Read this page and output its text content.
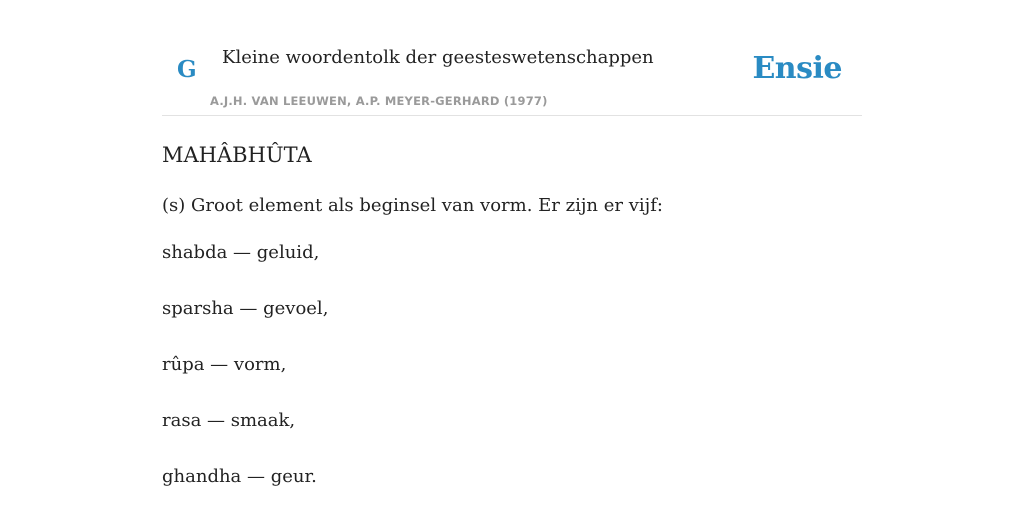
G Kleine woordentolk der geesteswetenschappen
A.J.H. VAN LEEUWEN, A.P. MEYER-GERHARD (1977)
Ensie
MAHÂBHÛTA

(s) Groot element als beginsel van vorm. Er zijn er vijf:

shabda — geluid,
sparsha — gevoel,
rûpa — vorm,
rasa — smaak,
ghandha — geur.
